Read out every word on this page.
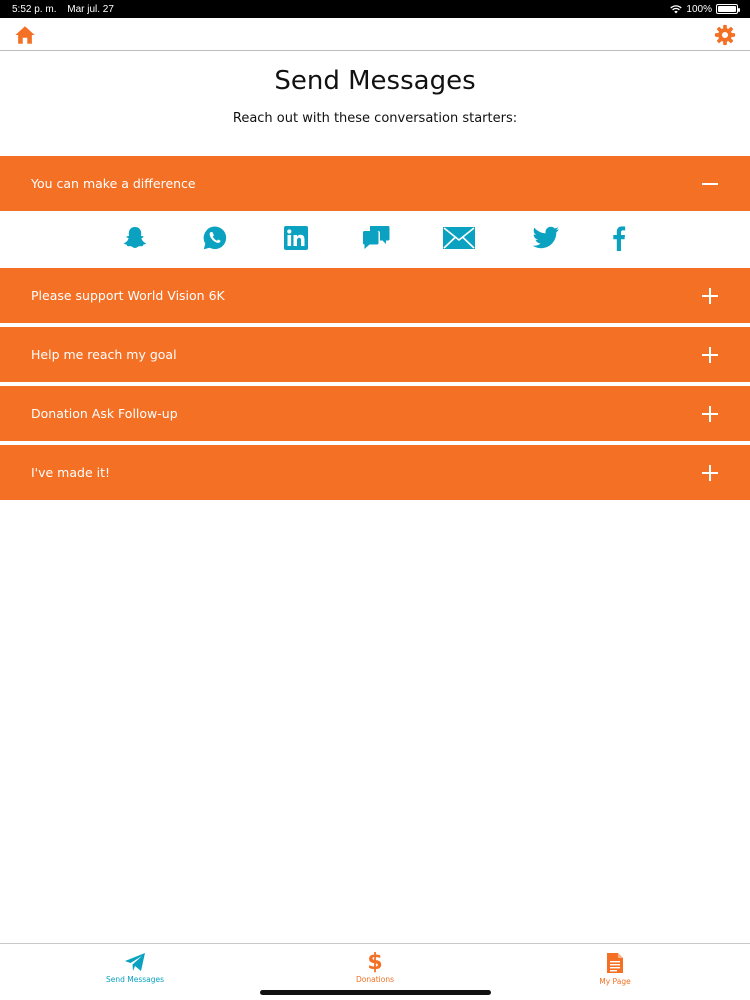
5:52 p. m. Mar jul. 27	100%
Send Messages
Reach out with these conversation starters:
You can make a difference
Please support World Vision 6K
Help me reach my goal
Donation Ask Follow-up
I've made it!
Send Messages
$
Donations	My Page
